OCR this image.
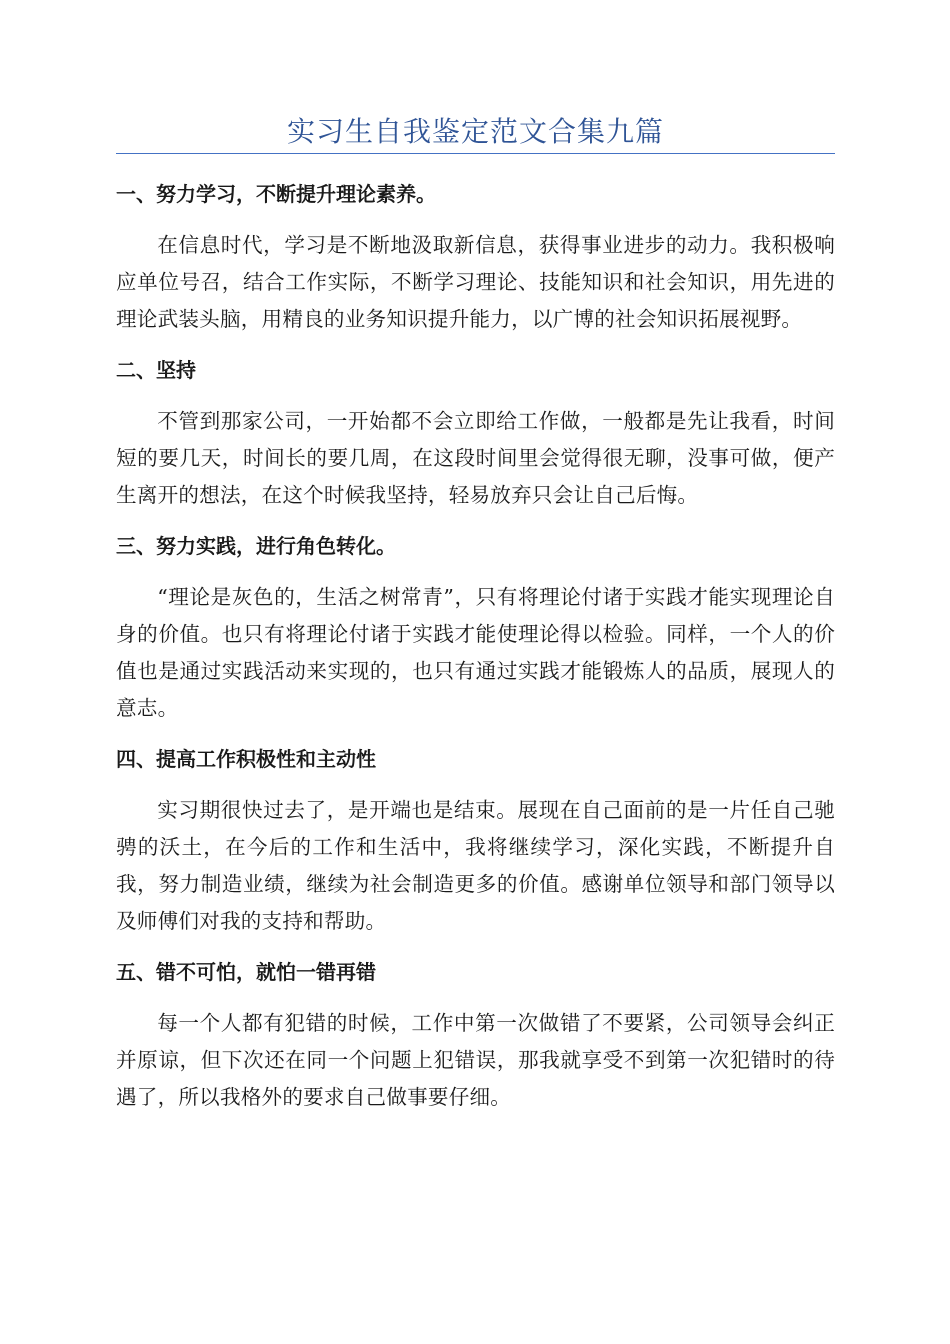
实习生自我鉴定范文合集九篇
一、努力学习，不断提升理论素养。
在信息时代，学习是不断地汲取新信息，获得事业进步的动力。我积极响应单位号召，结合工作实际，不断学习理论、技能知识和社会知识，用先进的理论武装头脑，用精良的业务知识提升能力，以广博的社会知识拓展视野。
二、坚持
不管到那家公司，一开始都不会立即给工作做，一般都是先让我看，时间短的要几天，时间长的要几周，在这段时间里会觉得很无聊，没事可做，便产生离开的想法，在这个时候我坚持，轻易放弃只会让自己后悔。
三、努力实践，进行角色转化。
“理论是灰色的，生活之树常青”，只有将理论付诸于实践才能实现理论自身的价值。也只有将理论付诸于实践才能使理论得以检验。同样，一个人的价值也是通过实践活动来实现的，也只有通过实践才能锻炼人的品质，展现人的意志。
四、提高工作积极性和主动性
实习期很快过去了，是开端也是结束。展现在自己面前的是一片任自己驰骋的沃土，在今后的工作和生活中，我将继续学习，深化实践，不断提升自我，努力制造业绩，继续为社会制造更多的价值。感谢单位领导和部门领导以及师傅们对我的支持和帮助。
五、错不可怕，就怕一错再错
每一个人都有犯错的时候，工作中第一次做错了不要紧，公司领导会纠正并原谅，但下次还在同一个问题上犯错误，那我就享受不到第一次犯错时的待遇了，所以我格外的要求自己做事要仔细。
